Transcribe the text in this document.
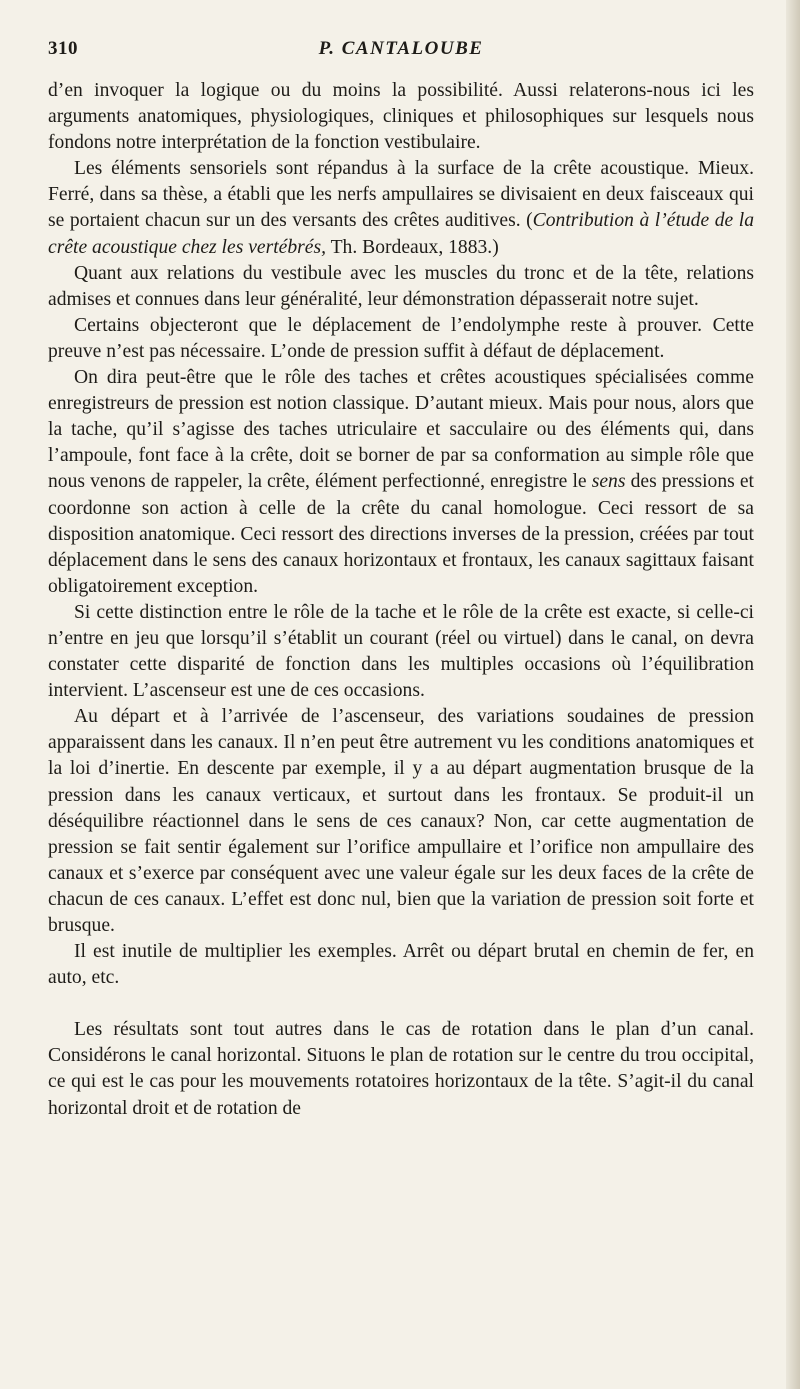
310	P. CANTALOUBE

d’en invoquer la logique ou du moins la possibilité. Aussi relaterons-nous ici les arguments anatomiques, physiologiques, cliniques et philosophiques sur lesquels nous fondons notre interprétation de la fonction vestibulaire.

Les éléments sensoriels sont répandus à la surface de la crête acoustique. Mieux. Ferré, dans sa thèse, a établi que les nerfs ampullaires se divisaient en deux faisceaux qui se portaient chacun sur un des versants des crêtes auditives. (Contribution à l’étude de la crête acoustique chez les vertébrés, Th. Bordeaux, 1883.)

Quant aux relations du vestibule avec les muscles du tronc et de la tête, relations admises et connues dans leur généralité, leur démonstration dépasserait notre sujet.

Certains objecteront que le déplacement de l’endolymphe reste à prouver. Cette preuve n’est pas nécessaire. L’onde de pression suffit à défaut de déplacement.

On dira peut-être que le rôle des taches et crêtes acoustiques spécialisées comme enregistreurs de pression est notion classique. D’autant mieux. Mais pour nous, alors que la tache, qu’il s’agisse des taches utriculaire et sacculaire ou des éléments qui, dans l’ampoule, font face à la crête, doit se borner de par sa conformation au simple rôle que nous venons de rappeler, la crête, élément perfectionné, enregistre le sens des pressions et coordonne son action à celle de la crête du canal homologue. Ceci ressort de sa disposition anatomique. Ceci ressort des directions inverses de la pression, créées par tout déplacement dans le sens des canaux horizontaux et frontaux, les canaux sagittaux faisant obligatoirement exception.

Si cette distinction entre le rôle de la tache et le rôle de la crête est exacte, si celle-ci n’entre en jeu que lorsqu’il s’établit un courant (réel ou virtuel) dans le canal, on devra constater cette disparité de fonction dans les multiples occasions où l’équilibration intervient. L’ascenseur est une de ces occasions.

Au départ et à l’arrivée de l’ascenseur, des variations soudaines de pression apparaissent dans les canaux. Il n’en peut être autrement vu les conditions anatomiques et la loi d’inertie. En descente par exemple, il y a au départ augmentation brusque de la pression dans les canaux verticaux, et surtout dans les frontaux. Se produit-il un déséquilibre réactionnel dans le sens de ces canaux? Non, car cette augmentation de pression se fait sentir également sur l’orifice ampullaire et l’orifice non ampullaire des canaux et s’exerce par conséquent avec une valeur égale sur les deux faces de la crête de chacun de ces canaux. L’effet est donc nul, bien que la variation de pression soit forte et brusque.

Il est inutile de multiplier les exemples. Arrêt ou départ brutal en chemin de fer, en auto, etc.

Les résultats sont tout autres dans le cas de rotation dans le plan d’un canal. Considérons le canal horizontal. Situons le plan de rotation sur le centre du trou occipital, ce qui est le cas pour les mouvements rotatoires horizontaux de la tête. S’agit-il du canal horizontal droit et de rotation de
